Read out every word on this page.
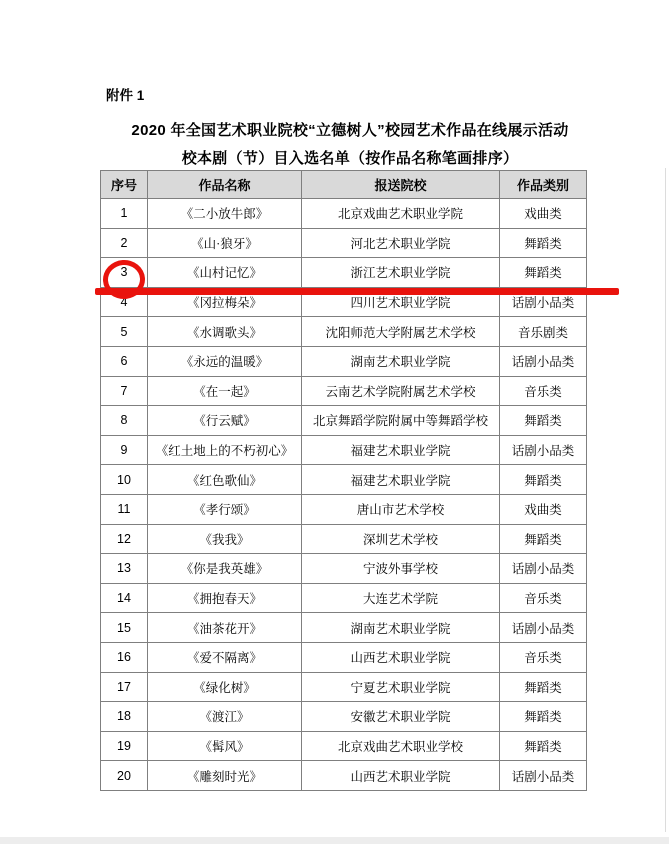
附件 1
2020 年全国艺术职业院校“立德树人”校园艺术作品在线展示活动
校本剧（节）目入选名单（按作品名称笔画排序）
序号	作品名称	报送院校	作品类别
1	《二小放牛郎》	北京戏曲艺术职业学院	戏曲类
2	《山·狼牙》	河北艺术职业学院	舞蹈类
3	《山村记忆》	浙江艺术职业学院	舞蹈类
4	《冈拉梅朵》	四川艺术职业学院	话剧小品类
5	《水调歌头》	沈阳师范大学附属艺术学校	音乐剧类
6	《永远的温暖》	湖南艺术职业学院	话剧小品类
7	《在一起》	云南艺术学院附属艺术学校	音乐类
8	《行云赋》	北京舞蹈学院附属中等舞蹈学校	舞蹈类
9	《红土地上的不朽初心》	福建艺术职业学院	话剧小品类
10	《红色歌仙》	福建艺术职业学院	舞蹈类
11	《孝行颂》	唐山市艺术学校	戏曲类
12	《我我》	深圳艺术学校	舞蹈类
13	《你是我英雄》	宁波外事学校	话剧小品类
14	《拥抱春天》	大连艺术学院	音乐类
15	《油茶花开》	湖南艺术职业学院	话剧小品类
16	《爱不隔离》	山西艺术职业学院	音乐类
17	《绿化树》	宁夏艺术职业学院	舞蹈类
18	《渡江》	安徽艺术职业学院	舞蹈类
19	《髯风》	北京戏曲艺术职业学校	舞蹈类
20	《雕刻时光》	山西艺术职业学院	话剧小品类
